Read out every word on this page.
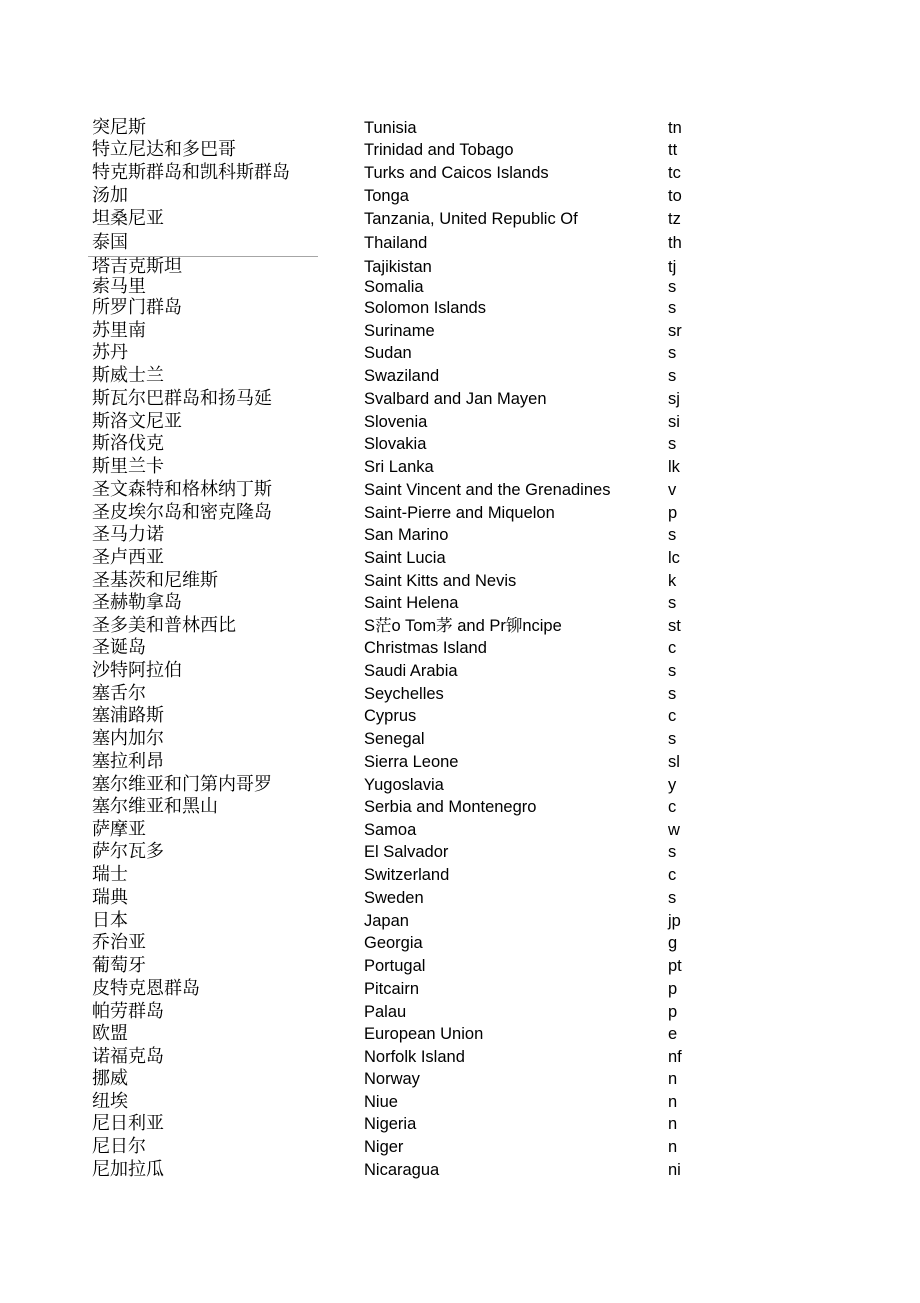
突尼斯	Tunisia	tn
特立尼达和多巴哥	Trinidad and Tobago	tt
特克斯群岛和凯科斯群岛	Turks and Caicos Islands	tc
汤加	Tonga	to
坦桑尼亚	Tanzania, United Republic Of	tz
泰国	Thailand	th
塔吉克斯坦	Tajikistan	tj
索马里	Somalia	s
所罗门群岛	Solomon Islands	s
苏里南	Suriname	sr
苏丹	Sudan	s
斯威士兰	Swaziland	s
斯瓦尔巴群岛和扬马延	Svalbard and Jan Mayen	sj
斯洛文尼亚	Slovenia	si
斯洛伐克	Slovakia	s
斯里兰卡	Sri Lanka	lk
圣文森特和格林纳丁斯	Saint Vincent and the Grenadines	v
圣皮埃尔岛和密克隆岛	Saint-Pierre and Miquelon	p
圣马力诺	San Marino	s
圣卢西亚	Saint Lucia	lc
圣基茨和尼维斯	Saint Kitts and Nevis	k
圣赫勒拿岛	Saint Helena	s
圣多美和普林西比	S茫o Tom茅 and Pr铆ncipe	st
圣诞岛	Christmas Island	c
沙特阿拉伯	Saudi Arabia	s
塞舌尔	Seychelles	s
塞浦路斯	Cyprus	c
塞内加尔	Senegal	s
塞拉利昂	Sierra Leone	sl
塞尔维亚和门第内哥罗	Yugoslavia	y
塞尔维亚和黑山	Serbia and Montenegro	c
萨摩亚	Samoa	w
萨尔瓦多	El Salvador	s
瑞士	Switzerland	c
瑞典	Sweden	s
日本	Japan	jp
乔治亚	Georgia	g
葡萄牙	Portugal	pt
皮特克恩群岛	Pitcairn	p
帕劳群岛	Palau	p
欧盟	European Union	e
诺福克岛	Norfolk Island	nf
挪威	Norway	n
纽埃	Niue	n
尼日利亚	Nigeria	n
尼日尔	Niger	n
尼加拉瓜	Nicaragua	ni
